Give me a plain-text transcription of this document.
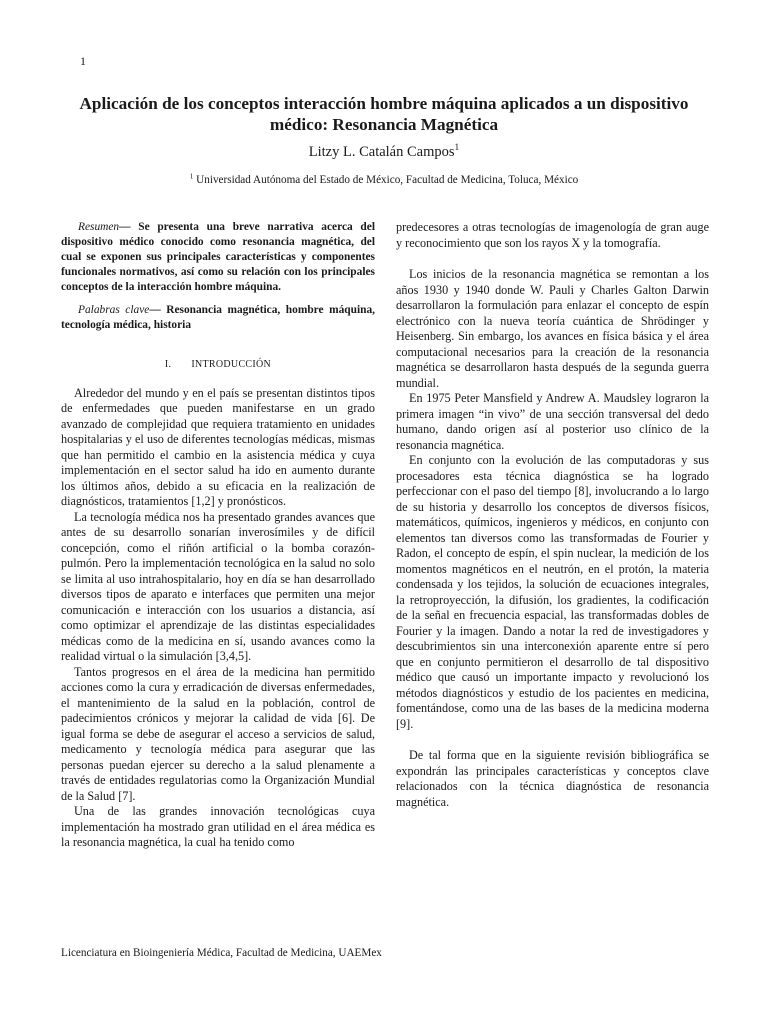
1
Aplicación de los conceptos interacción hombre máquina aplicados a un dispositivo médico: Resonancia Magnética
Litzy L. Catalán Campos$^1$
$^1$ Universidad Autónoma del Estado de México, Facultad de Medicina, Toluca, México

Resumen— Se presenta una breve narrativa acerca del dispositivo médico conocido como resonancia magnética, del cual se exponen sus principales características y componentes funcionales normativos, así como su relación con los principales conceptos de la interacción hombre máquina.

Palabras clave— Resonancia magnética, hombre máquina, tecnología médica, historia

I. INTRODUCCIÓN

Alrededor del mundo y en el país se presentan distintos tipos de enfermedades que pueden manifestarse en un grado avanzado de complejidad que requiera tratamiento en unidades hospitalarias y el uso de diferentes tecnologías médicas, mismas que han permitido el cambio en la asistencia médica y cuya implementación en el sector salud ha ido en aumento durante los últimos años, debido a su eficacia en la realización de diagnósticos, tratamientos [1,2] y pronósticos.

La tecnología médica nos ha presentado grandes avances que antes de su desarrollo sonarían inverosímiles y de difícil concepción, como el riñón artificial o la bomba corazón-pulmón. Pero la implementación tecnológica en la salud no solo se limita al uso intrahospitalario, hoy en día se han desarrollado diversos tipos de aparato e interfaces que permiten una mejor comunicación e interacción con los usuarios a distancia, así como optimizar el aprendizaje de las distintas especialidades médicas como de la medicina en sí, usando avances como la realidad virtual o la simulación [3,4,5].

Tantos progresos en el área de la medicina han permitido acciones como la cura y erradicación de diversas enfermedades, el mantenimiento de la salud en la población, control de padecimientos crónicos y mejorar la calidad de vida [6]. De igual forma se debe de asegurar el acceso a servicios de salud, medicamento y tecnología médica para asegurar que las personas puedan ejercer su derecho a la salud plenamente a través de entidades regulatorias como la Organización Mundial de la Salud [7].

Una de las grandes innovación tecnológicas cuya implementación ha mostrado gran utilidad en el área médica es la resonancia magnética, la cual ha tenido como

predecesores a otras tecnologías de imagenología de gran auge y reconocimiento que son los rayos X y la tomografía.

Los inicios de la resonancia magnética se remontan a los años 1930 y 1940 donde W. Pauli y Charles Galton Darwin desarrollaron la formulación para enlazar el concepto de espín electrónico con la nueva teoría cuántica de Shrödinger y Heisenberg. Sin embargo, los avances en física básica y el área computacional necesarios para la creación de la resonancia magnética se desarrollaron hasta después de la segunda guerra mundial.

En 1975 Peter Mansfield y Andrew A. Maudsley lograron la primera imagen “in vivo” de una sección transversal del dedo humano, dando origen así al posterior uso clínico de la resonancia magnética.

En conjunto con la evolución de las computadoras y sus procesadores esta técnica diagnóstica se ha logrado perfeccionar con el paso del tiempo [8], involucrando a lo largo de su historia y desarrollo los conceptos de diversos físicos, matemáticos, químicos, ingenieros y médicos, en conjunto con elementos tan diversos como las transformadas de Fourier y Radon, el concepto de espín, el spin nuclear, la medición de los momentos magnéticos en el neutrón, en el protón, la materia condensada y los tejidos, la solución de ecuaciones integrales, la retroproyección, la difusión, los gradientes, la codificación de la señal en frecuencia espacial, las transformadas dobles de Fourier y la imagen. Dando a notar la red de investigadores y descubrimientos sin una interconexión aparente entre sí pero que en conjunto permitieron el desarrollo de tal dispositivo médico que causó un importante impacto y revolucionó los métodos diagnósticos y estudio de los pacientes en medicina, fomentándose, como una de las bases de la medicina moderna [9].

De tal forma que en la siguiente revisión bibliográfica se expondrán las principales características y conceptos clave relacionados con la técnica diagnóstica de resonancia magnética.

Licenciatura en Bioingeniería Médica, Facultad de Medicina, UAEMex
